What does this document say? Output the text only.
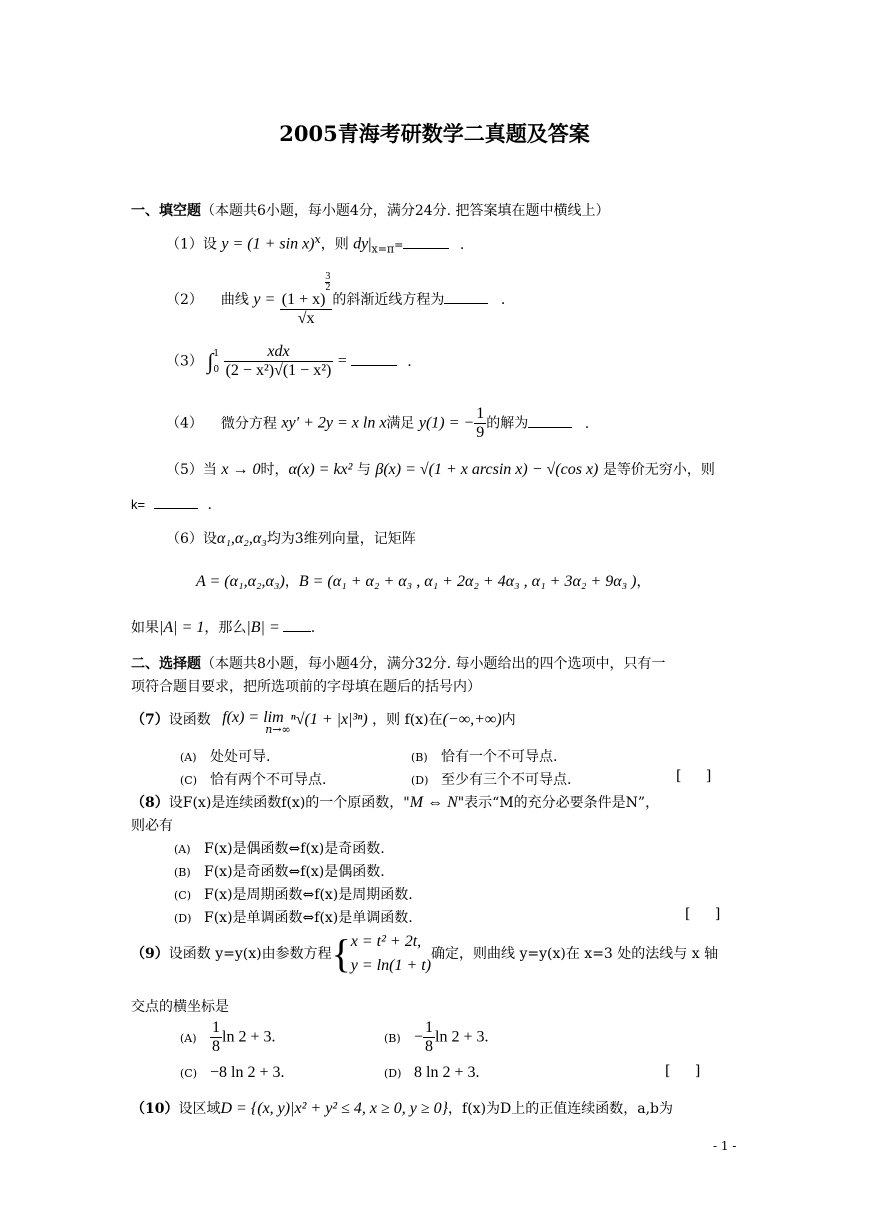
2005青海考研数学二真题及答案
一、填空题（本题共6小题，每小题4分，满分24分. 把答案填在题中横线上）
（1）设 $y = (1 + \sin x)^x$，则 $dy|_{x=\pi}=$	.
（2） 曲线 y = (1 + x)
$\frac{3}{2}$
√x 的斜渐近线方程为	.
（3） ∫ 1
0
$\frac{\text{xdx}}{\text{(2 − x²)√(1 − x²)}}$ =	.
（4） 微分方程 xy′ + 2y = x ln x满足 y(1) = − $\frac{1}{9}$ 的解为	.
（5）当 x → 0时，α(x) = kx² 与 β(x) = √(1 + x arcsin x) − √(cos x) 是等价无穷小，则
k=	.
（6）设α₁,α₂,α₃均为3维列向量，记矩阵
A = (α₁,α₂,α₃)，B = (α₁ + α₂ + α₃ , α₁ + 2α₂ + 4α₃ , α₁ + 3α₂ + 9α₃ )，
如果|A| = 1，那么|B| = .
二、选择题（本题共8小题，每小题4分，满分32分. 每小题给出的四个选项中，只有一
项符合题目要求，把所选项前的字母填在题后的括号内）
（7）设函数 f(x) = lim
n→∞
ⁿ√(1 + |x|³ⁿ) ，则 f(x)在(−∞,+∞)内
(A) 处处可导.	(B) 恰有一个不可导点.
(C) 恰有两个不可导点.	(D) 至少有三个不可导点.	[ ]
（8）设F(x)是连续函数f(x)的一个原函数，"M ⇔ N"表示“M的充分必要条件是N”，
则必有
(A) F(x)是偶函数⇔f(x)是奇函数.
(B) F(x)是奇函数⇔f(x)是偶函数.
(C) F(x)是周期函数⇔f(x)是周期函数.
(D) F(x)是单调函数⇔f(x)是单调函数.	[ ]
（9）设函数 y=y(x)由参数方程{ x = t² + 2t,
y = ln(1 + t)
确定，则曲线 y=y(x)在 x=3 处的法线与 x 轴
交点的横坐标是
$(A) \frac{1}{8}$ ln 2 + 3.	$(B) - \frac{1}{8}$ ln 2 + 3.
(C) −8 ln 2 + 3.	(D) 8 ln 2 + 3.	[ ]
（10）设区域D = {(x, y)|x² + y² ≤ 4, x ≥ 0, y ≥ 0}，f(x)为D上的正值连续函数，a,b为
- 1 -
